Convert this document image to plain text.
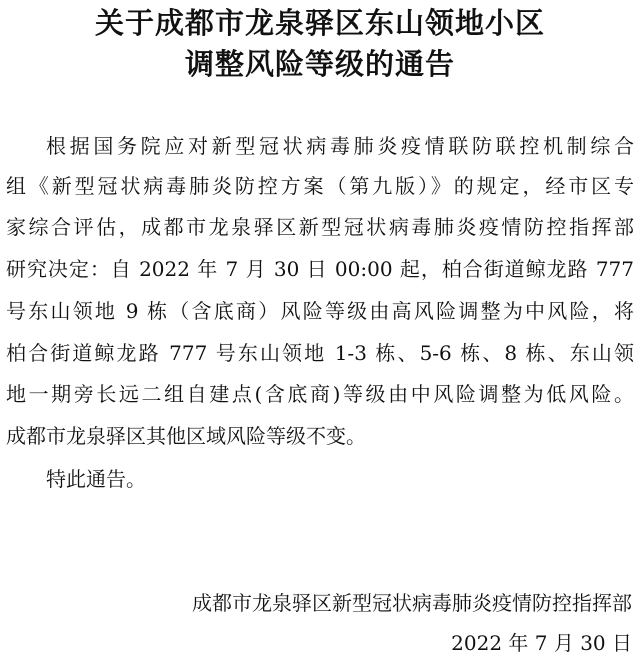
关于成都市龙泉驿区东山领地小区
调整风险等级的通告
根据国务院应对新型冠状病毒肺炎疫情联防联控机制综合
组《新型冠状病毒肺炎防控方案（第九版）》的规定，经市区专
家综合评估，成都市龙泉驿区新型冠状病毒肺炎疫情防控指挥部
研究决定：自 2022 年 7 月 30 日 00:00 起，柏合街道鲸龙路 777
号东山领地 9 栋（含底商）风险等级由高风险调整为中风险，将
柏合街道鲸龙路 777 号东山领地 1-3 栋、5-6 栋、8 栋、东山领
地一期旁长远二组自建点(含底商)等级由中风险调整为低风险。
成都市龙泉驿区其他区域风险等级不变。
特此通告。
成都市龙泉驿区新型冠状病毒肺炎疫情防控指挥部
2022 年 7 月 30 日
